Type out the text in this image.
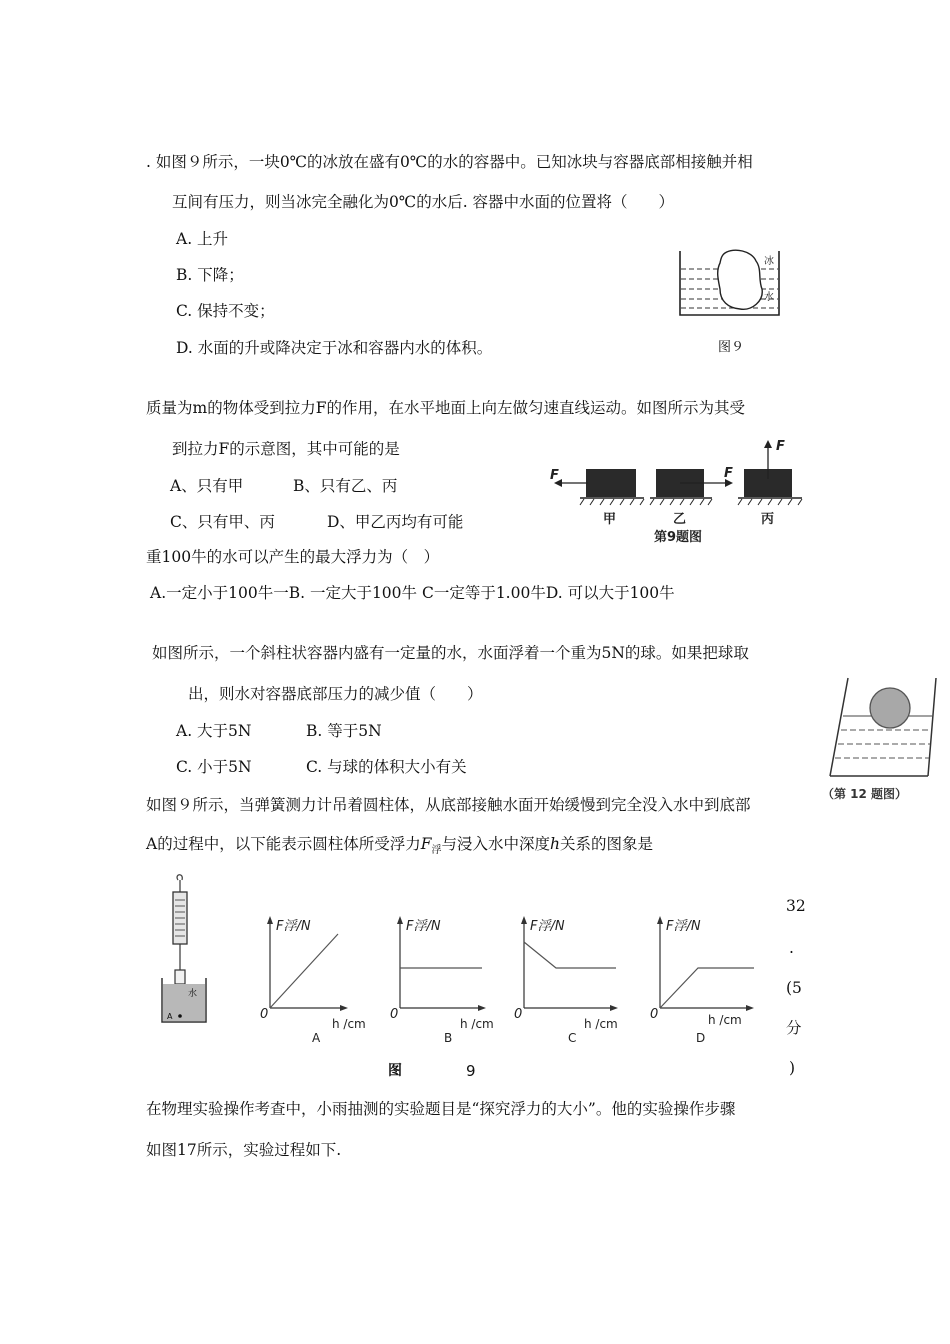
. 如图９所示，一块0℃的冰放在盛有0℃的水的容器中。已知冰块与容器底部相接触并相
互间有压力，则当冰完全融化为0℃的水后. 容器中水面的位置将（　　）
A. 上升
B. 下降；
C. 保持不变；
D. 水面的升或降决定于冰和容器内水的体积。
冰
水
图９
质量为m的物体受到拉力F的作用，在水平地面上向左做匀速直线运动。如图所示为其受
到拉力F的示意图，其中可能的是
A、只有甲	B、只有乙、丙
C、只有甲、丙	D、甲乙丙均有可能
F
甲
F
乙
F
丙
第9题图
重100牛的水可以产生的最大浮力为（　）
A.一定小于100牛一B. 一定大于100牛 C一定等于1.00牛D. 可以大于100牛
如图所示，一个斜柱状容器内盛有一定量的水，水面浮着一个重为5N的球。如果把球取
出，则水对容器底部压力的减少值（　　）
A. 大于5N	B. 等于5N
C. 小于5N	C. 与球的体积大小有关
（第 12 题图）
如图９所示，当弹簧测力计吊着圆柱体，从底部接触水面开始缓慢到完全没入水中到底部
A的过程中，以下能表示圆柱体所受浮力$F_浮$与浸入水中深度h关系的图象是
水
A
F浮/N
0
h /cm
A
F浮/N
0
h /cm
B
F浮/N
0
h /cm
C
F浮/N
0	h /cm
D
图	9
32
.
(5
分
)
在物理实验操作考查中，小雨抽测的实验题目是“探究浮力的大小”。他的实验操作步骤
如图17所示，实验过程如下.
